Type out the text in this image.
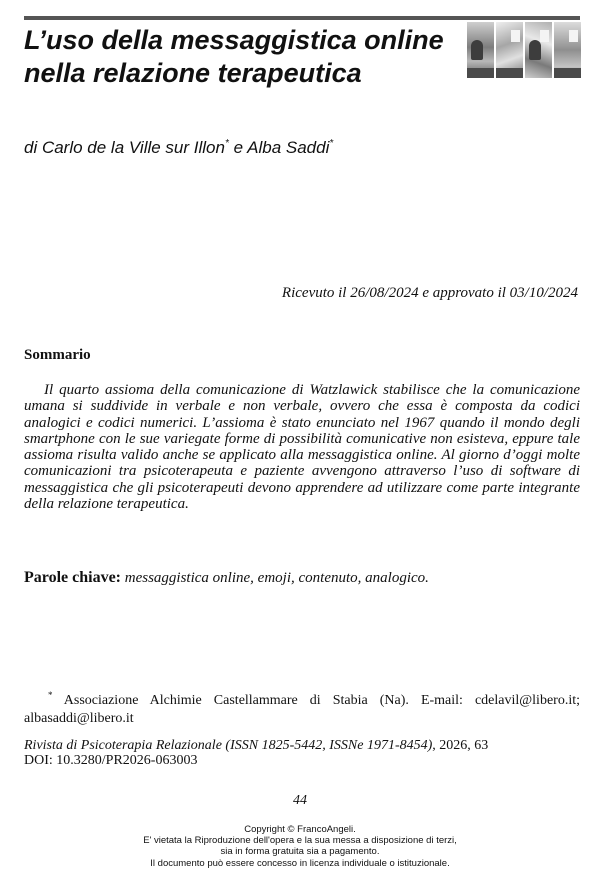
L’uso della messaggistica online nella relazione terapeutica

di Carlo de la Ville sur Illon* e Alba Saddi*

Ricevuto il 26/08/2024 e approvato il 03/10/2024

Sommario

Il quarto assioma della comunicazione di Watzlawick stabilisce che la comunicazione umana si suddivide in verbale e non verbale, ovvero che essa è composta da codici analogici e codici numerici. L’assioma è stato enunciato nel 1967 quando il mondo degli smartphone con le sue variegate forme di possibilità comunicative non esisteva, eppure tale assioma risulta valido anche se applicato alla messaggistica online. Al giorno d’oggi molte comunicazioni tra psicoterapeuta e paziente avvengono attraverso l’uso di software di messaggistica che gli psicoterapeuti devono apprendere ad utilizzare come parte integrante della relazione terapeutica.

Parole chiave: messaggistica online, emoji, contenuto, analogico.

* Associazione Alchimie Castellammare di Stabia (Na). E-mail: cdelavil@libero.it; albasaddi@libero.it

Rivista di Psicoterapia Relazionale (ISSN 1825-5442, ISSNe 1971-8454), 2026, 63
DOI: 10.3280/PR2026-063003

44

Copyright © FrancoAngeli.
E' vietata la Riproduzione dell'opera e la sua messa a disposizione di terzi,
sia in forma gratuita sia a pagamento.
Il documento può essere concesso in licenza individuale o istituzionale.
